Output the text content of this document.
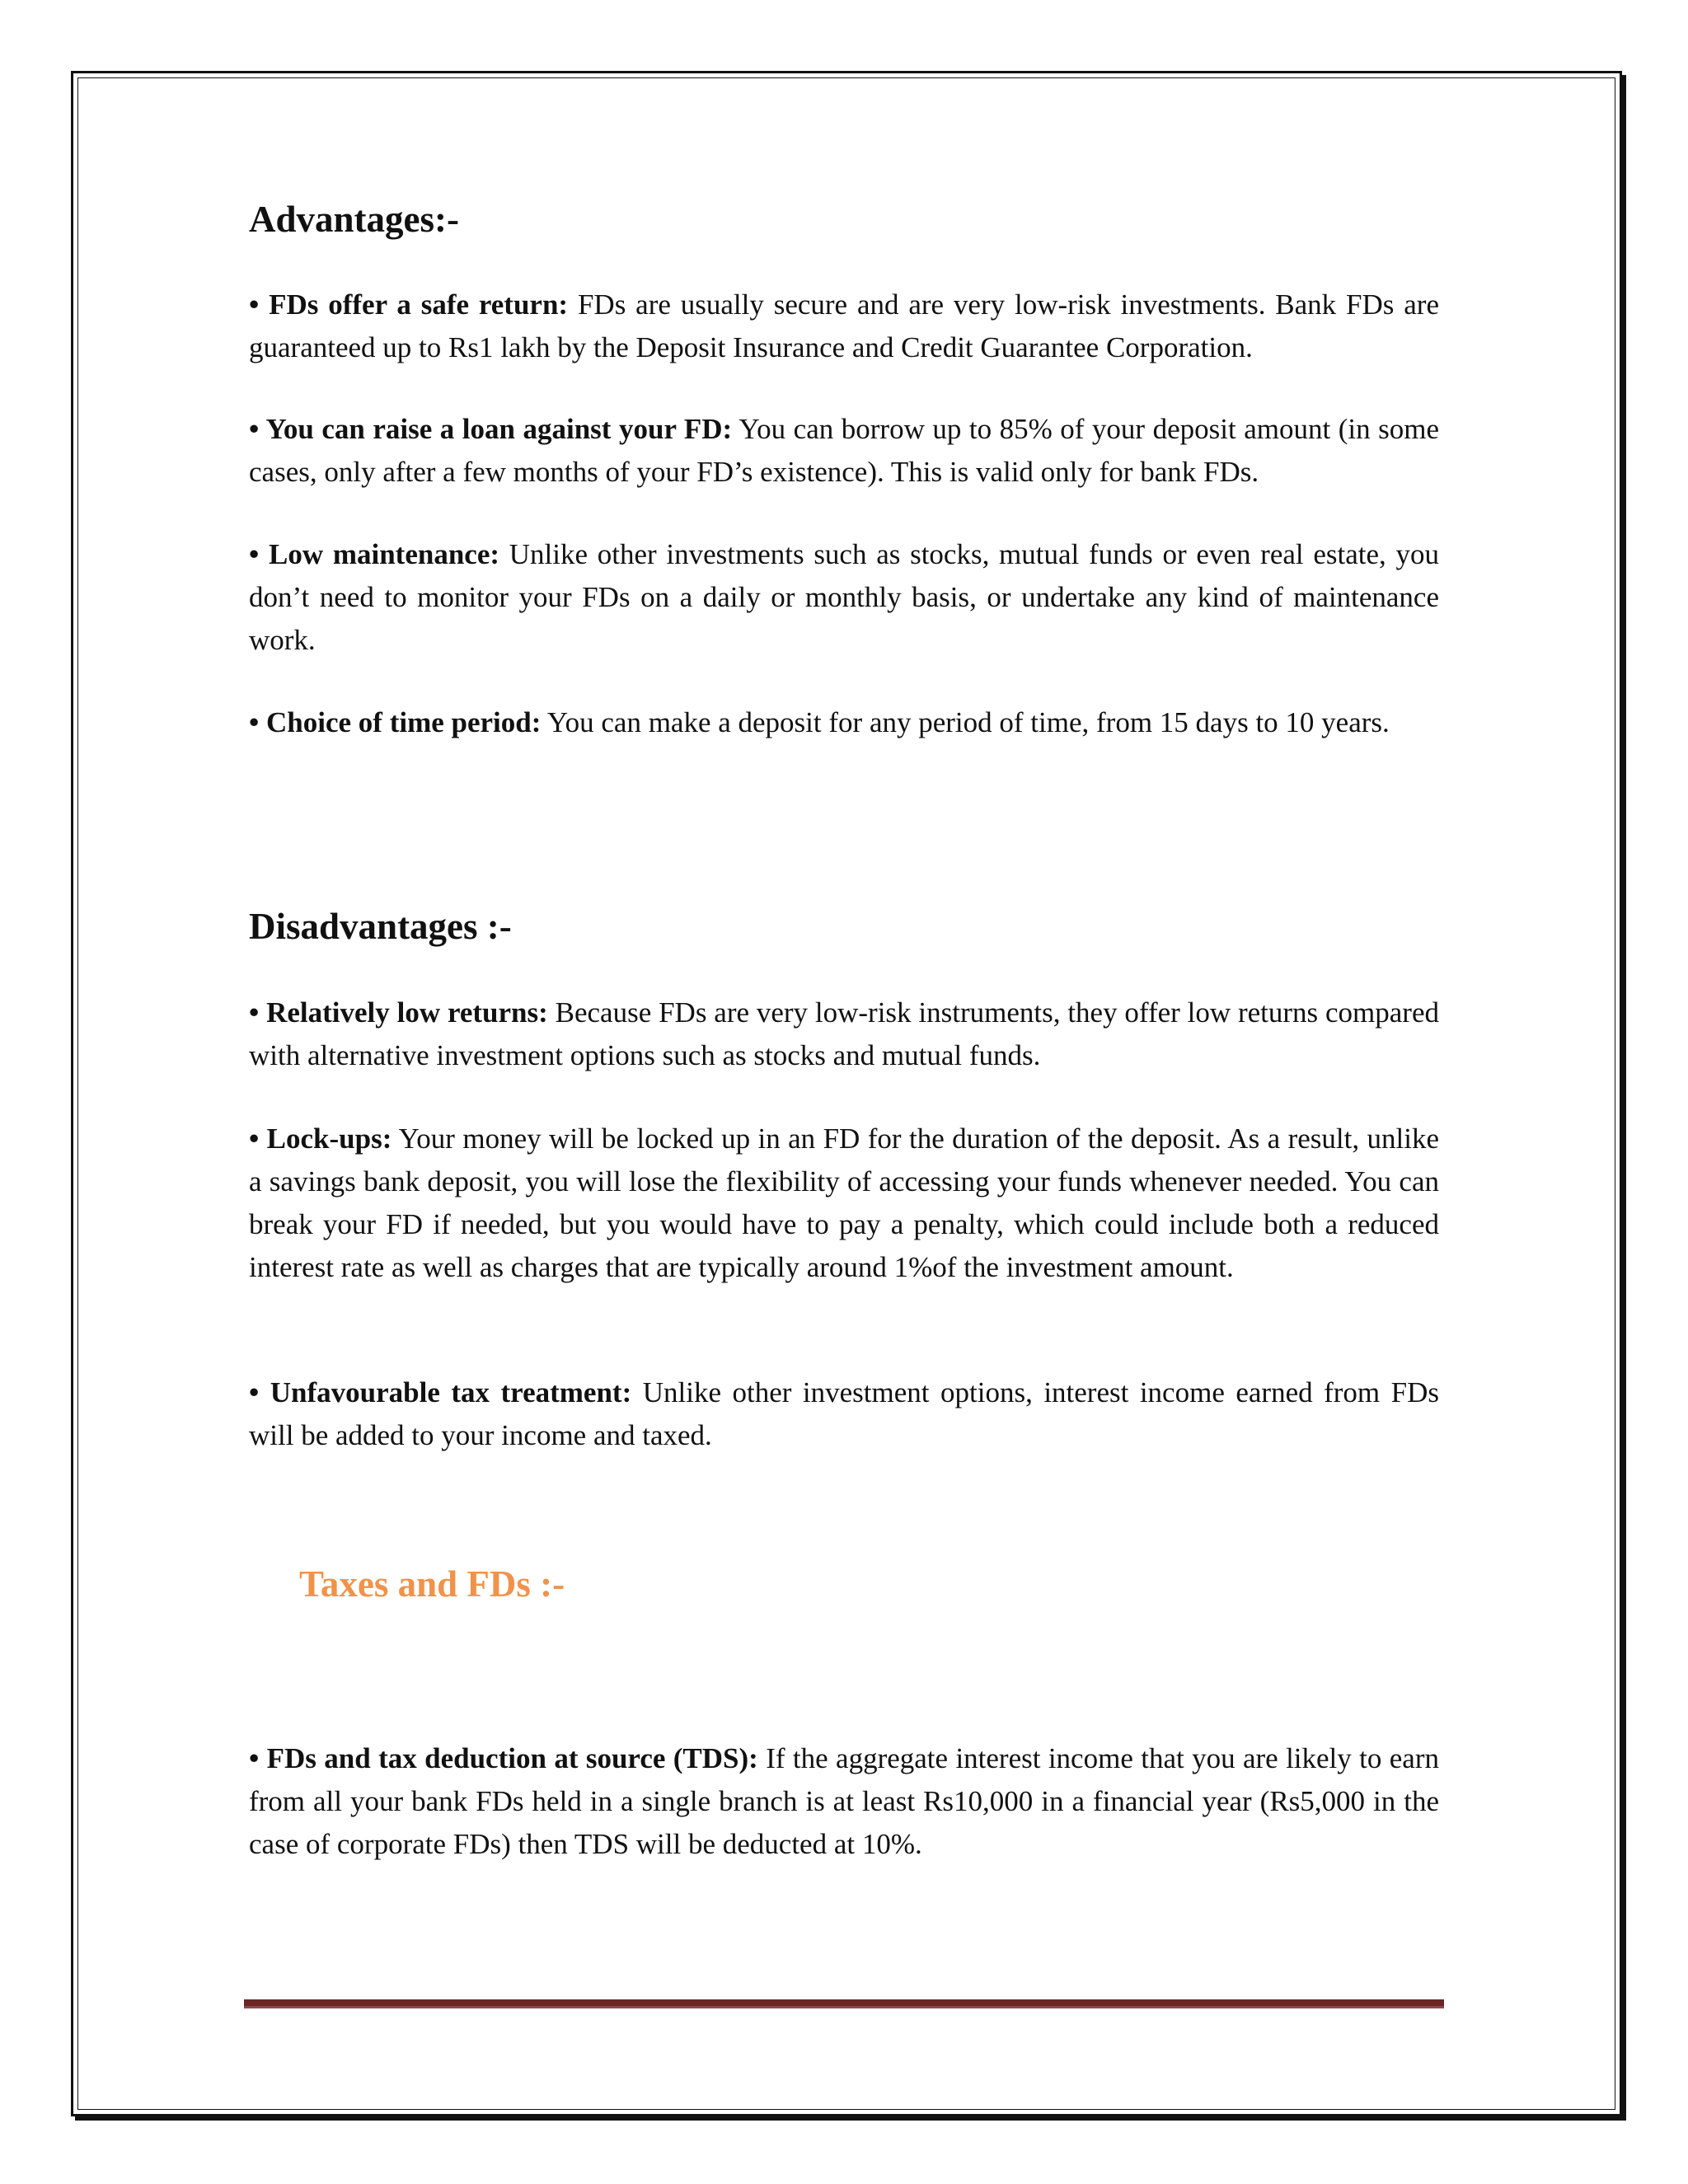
Advantages:-

• FDs offer a safe return: FDs are usually secure and are very low-risk investments. Bank FDs are guaranteed up to Rs1 lakh by the Deposit Insurance and Credit Guarantee Corporation.

• You can raise a loan against your FD: You can borrow up to 85% of your deposit amount (in some cases, only after a few months of your FD’s existence). This is valid only for bank FDs.

• Low maintenance: Unlike other investments such as stocks, mutual funds or even real estate, you don’t need to monitor your FDs on a daily or monthly basis, or undertake any kind of maintenance work.

• Choice of time period: You can make a deposit for any period of time, from 15 days to 10 years.

Disadvantages :-

• Relatively low returns: Because FDs are very low-risk instruments, they offer low returns compared with alternative investment options such as stocks and mutual funds.

• Lock-ups: Your money will be locked up in an FD for the duration of the deposit. As a result, unlike a savings bank deposit, you will lose the flexibility of accessing your funds whenever needed. You can break your FD if needed, but you would have to pay a penalty, which could include both a reduced interest rate as well as charges that are typically around 1%of the investment amount.

• Unfavourable tax treatment: Unlike other investment options, interest income earned from FDs will be added to your income and taxed.

Taxes and FDs :-

• FDs and tax deduction at source (TDS): If the aggregate interest income that you are likely to earn from all your bank FDs held in a single branch is at least Rs10,000 in a financial year (Rs5,000 in the case of corporate FDs) then TDS will be deducted at 10%.
